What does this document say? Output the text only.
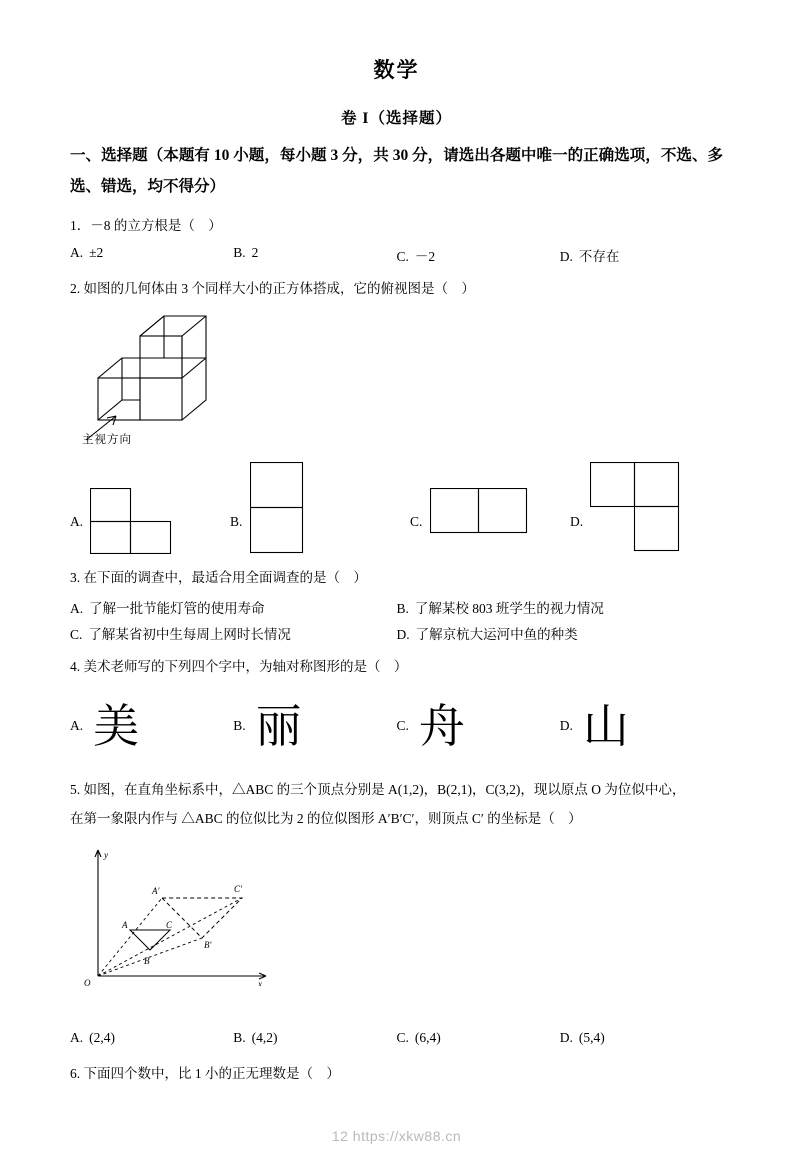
数学
卷 I（选择题）
一、选择题（本题有 10 小题，每小题 3 分，共 30 分，请选出各题中唯一的正确选项，不选、多选、错选，均不得分）
1．－8 的立方根是（ ）
A. ±2	B. 2	C. －2	D. 不存在
2. 如图的几何体由 3 个同样大小的正方体搭成，它的俯视图是（ ）
主视方向
A.	B.	C.	D.
3. 在下面的调查中，最适合用全面调查的是（ ）
A. 了解一批节能灯管的使用寿命	B. 了解某校 803 班学生的视力情况
C. 了解某省初中生每周上网时长情况	D. 了解京杭大运河中鱼的种类
4. 美术老师写的下列四个字中，为轴对称图形的是（ ）
A. 美	B. 丽	C. 舟	D. 山
5. 如图，在直角坐标系中，△ABC 的三个顶点分别是 A(1,2)，B(2,1)，C(3,2)，现以原点 O 为位似中心，
在第一象限内作与 △ABC 的位似比为 2 的位似图形 A′B′C′，则顶点 C′ 的坐标是（ ）
y
x
O
A'	C'
A	C
B'
B
A. (2,4)	B. (4,2)	C. (6,4)	D. (5,4)
6. 下面四个数中，比 1 小的正无理数是（ ）
12 https://xkw88.cn
